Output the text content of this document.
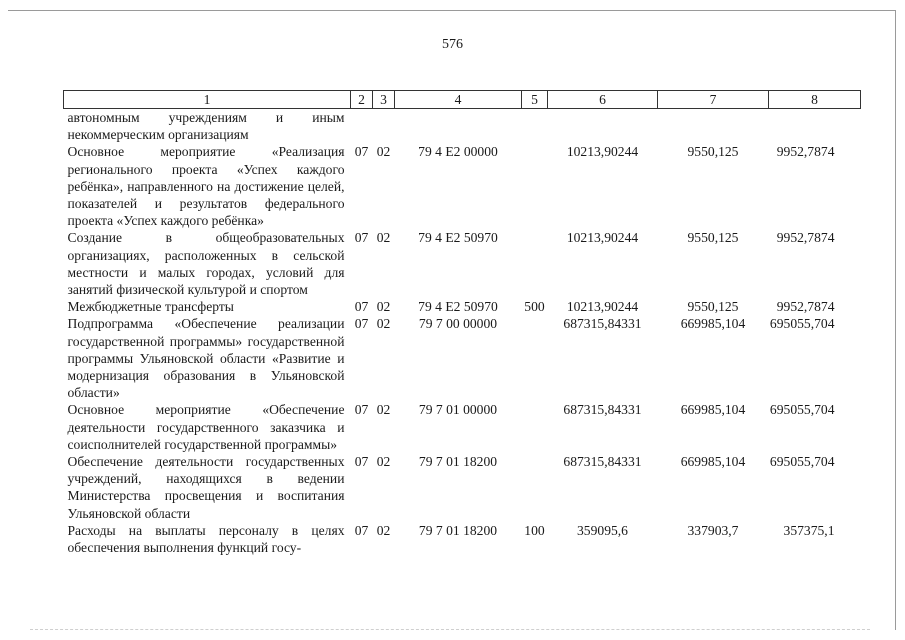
576
1	2	3	4	5	6	7	8
автономным учреждениям и иным некоммерческим организациям							
Основное мероприятие «Реализация регионального проекта «Успех каждого ребёнка», направленного на достижение целей, показателей и результатов федерального проекта «Успех каждого ребёнка»	07	02	79 4 E2 00000		10213,90244	9550,125	9952,7874
Создание в общеобразовательных организациях, расположенных в сельской местности и малых городах, условий для занятий физической культурой и спортом	07	02	79 4 E2 50970		10213,90244	9550,125	9952,7874
Межбюджетные трансферты	07	02	79 4 E2 50970	500	10213,90244	9550,125	9952,7874
Подпрограмма «Обеспечение реализации государственной программы» государственной программы Ульяновской области «Развитие и модернизация образования в Ульяновской области»	07	02	79 7 00 00000		687315,84331	669985,104	695055,704
Основное мероприятие «Обеспечение деятельности государственного заказчика и соисполнителей государственной программы»	07	02	79 7 01 00000		687315,84331	669985,104	695055,704
Обеспечение деятельности государственных учреждений, находящихся в ведении Министерства просвещения и воспитания Ульяновской области	07	02	79 7 01 18200		687315,84331	669985,104	695055,704
Расходы на выплаты персоналу в целях обеспечения выполнения функций госу-	07	02	79 7 01 18200	100	359095,6	337903,7	357375,1
